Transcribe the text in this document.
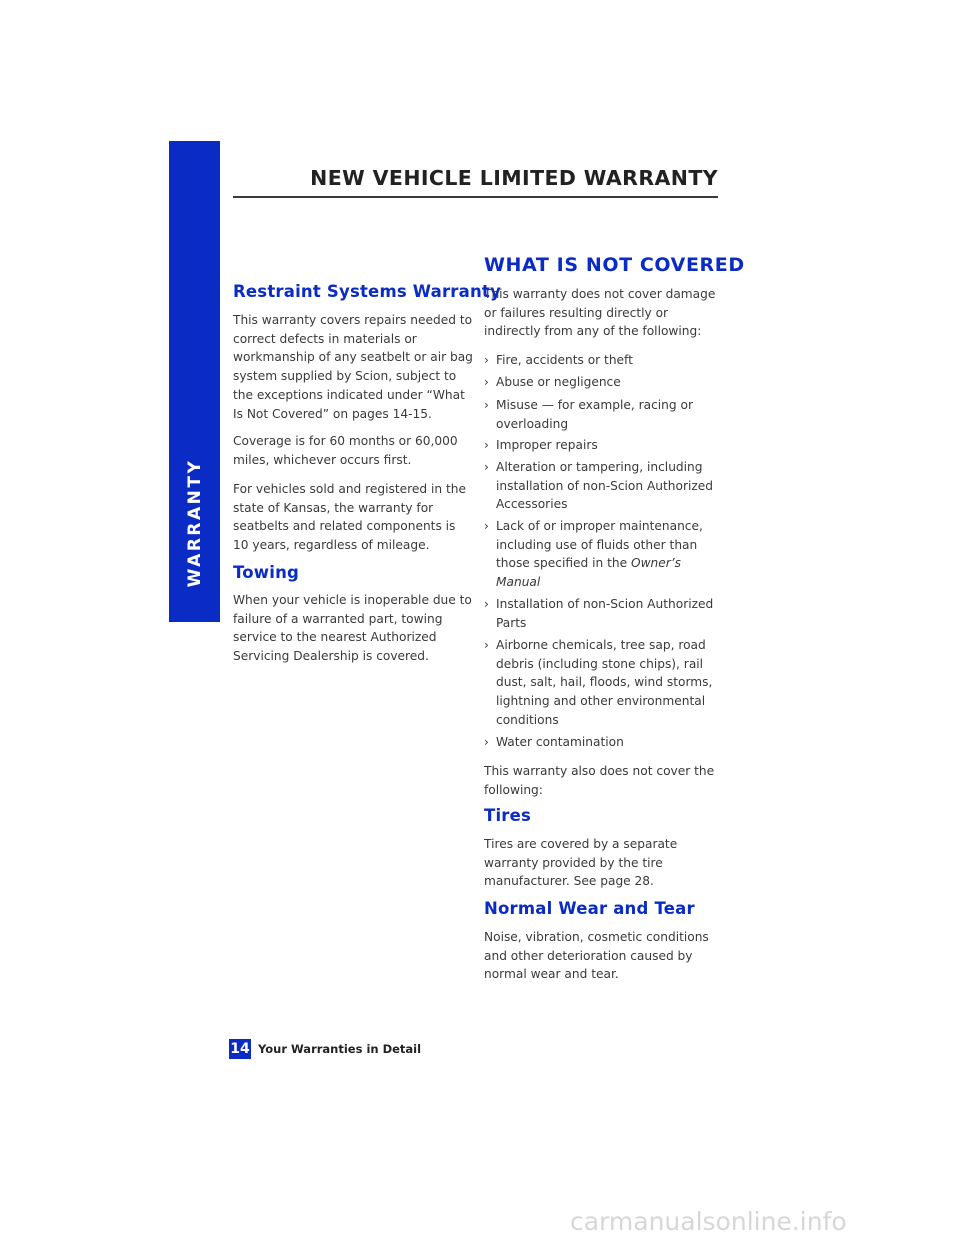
WARRANTY
NEW VEHICLE LIMITED WARRANTY
Restraint Systems Warranty

This warranty covers repairs needed to correct defects in materials or workmanship of any seatbelt or air bag system supplied by Scion, subject to the exceptions indicated under “What Is Not Covered” on pages 14-15.

Coverage is for 60 months or 60,000 miles, whichever occurs first.

For vehicles sold and registered in the state of Kansas, the warranty for seatbelts and related components is 10 years, regardless of mileage.

Towing

When your vehicle is inoperable due to failure of a warranted part, towing service to the nearest Authorized Servicing Dealership is covered.

WHAT IS NOT COVERED

This warranty does not cover damage or failures resulting directly or indirectly from any of the following:

› Fire, accidents or theft
› Abuse or negligence
› Misuse — for example, racing or overloading
› Improper repairs
› Alteration or tampering, including installation of non-Scion Authorized Accessories
› Lack of or improper maintenance, including use of fluids other than those specified in the Owner’s Manual
› Installation of non-Scion Authorized Parts
› Airborne chemicals, tree sap, road debris (including stone chips), rail dust, salt, hail, floods, wind storms, lightning and other environmental conditions
› Water contamination

This warranty also does not cover the following:

Tires

Tires are covered by a separate warranty provided by the tire manufacturer. See page 28.

Normal Wear and Tear

Noise, vibration, cosmetic conditions and other deterioration caused by normal wear and tear.

14 Your Warranties in Detail
carmanualsonline.info
